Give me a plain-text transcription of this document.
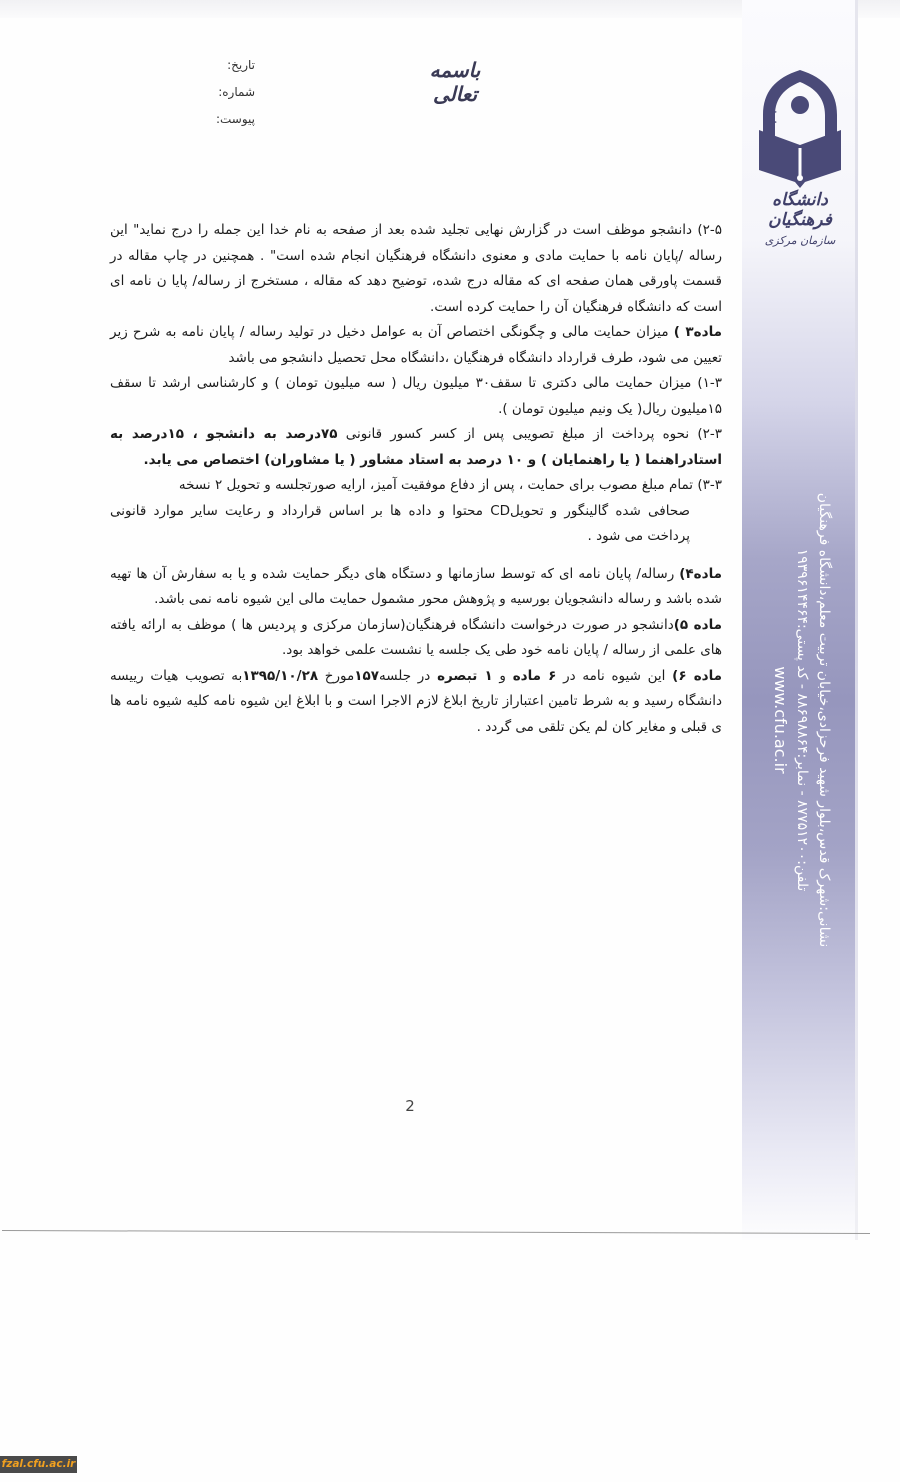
دانشگاه فرهنگیان
سازمان مرکزی
نشانی:شهرک قدس،بلوار شهید فرحزادی،خیابان تربیت معلم،دانشگاه فرهنگیان
تلفن:۸۷۷۵۱۲۰۰ - نمابر:۸۸۶۹۸۸۶۴ - کد پستی:۱۹۳۹۶۱۴۴۶۴
www.cfu.ac.ir
تاریخ:
شماره:
پیوست:
باسمه تعالی

۲-۵) دانشجو موظف است در گزارش نهایی تجلید شده بعد از صفحه به نام خدا این جمله را درج نماید" این رساله /پایان نامه با حمایت مادی و معنوی دانشگاه فرهنگیان انجام شده است" . همچنین در چاپ مقاله در قسمت پاورقی همان صفحه ای که مقاله درج شده، توضیح دهد که مقاله ، مستخرج از رساله/ پایا ن نامه ای است که دانشگاه فرهنگیان آن را حمایت کرده است.

ماده۳ ) میزان حمایت مالی و چگونگی اختصاص آن به عوامل دخیل در تولید رساله / پایان نامه به شرح زیر تعیین می شود، طرف قرارداد دانشگاه فرهنگیان ،دانشگاه محل تحصیل دانشجو می باشد

۱-۳) میزان حمایت مالی دکتری تا سقف۳۰ میلیون ریال ( سه میلیون تومان ) و کارشناسی ارشد تا سقف ۱۵میلیون ریال( یک ونیم میلیون تومان ).

۲-۳) نحوه پرداخت از مبلغ تصویبی پس از کسر کسور قانونی ۷۵درصد به دانشجو ، ۱۵درصد به استادراهنما ( یا راهنمایان ) و ۱۰ درصد به استاد مشاور ( یا مشاوران) اختصاص می یابد.

۳-۳) تمام مبلغ مصوب برای حمایت ، پس از دفاع موفقیت آمیز، ارایه صورتجلسه و تحویل ۲ نسخه

صحافی شده گالینگور و تحویلCD محتوا و داده ها بر اساس قرارداد و رعایت سایر موارد قانونی پرداخت می شود .

ماده۴) رساله/ پایان نامه ای که توسط سازمانها و دستگاه های دیگر حمایت شده و یا به سفارش آن ها تهیه شده باشد و رساله دانشجویان بورسیه و پژوهش محور مشمول حمایت مالی این شیوه نامه نمی باشد.

ماده ۵)دانشجو در صورت درخواست دانشگاه فرهنگیان(سازمان مرکزی و پردیس ها ) موظف به ارائه یافته های علمی از رساله / پایان نامه خود طی یک جلسه یا نشست علمی خواهد بود.

ماده ۶) این شیوه نامه در ۶ ماده و ۱ تبصره در جلسه۱۵۷مورخ ۱۳۹۵/۱۰/۲۸به تصویب هیات رییسه دانشگاه رسید و به شرط تامین اعتباراز تاریخ ابلاغ لازم الاجرا است و با ابلاغ این شیوه نامه کلیه شیوه نامه ها ی قبلی و مغایر کان لم یکن تلقی می گردد .

2
fzal.cfu.ac.ir
